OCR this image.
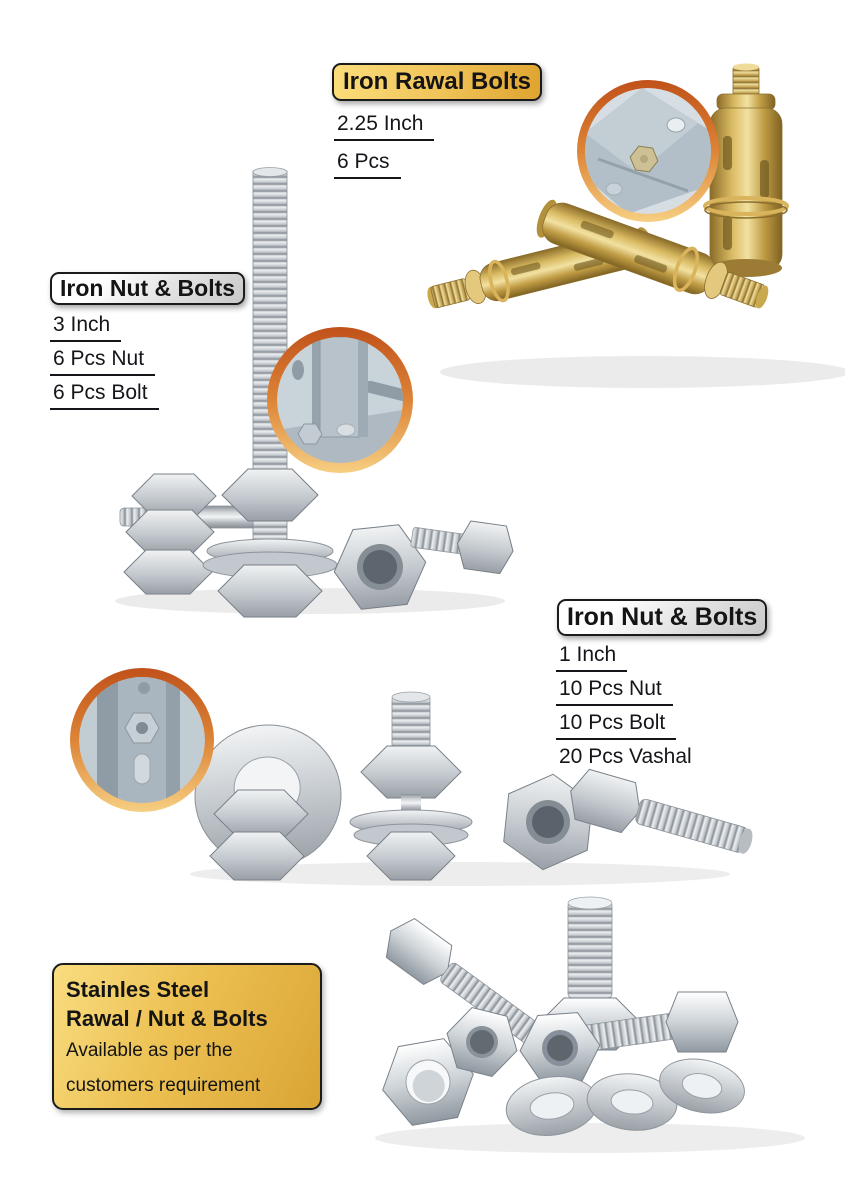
Iron Rawal Bolts
2.25 Inch
6 Pcs
Iron Nut & Bolts
3 Inch
6 Pcs Nut
6 Pcs Bolt
Iron Nut & Bolts
1 Inch
10 Pcs Nut
10 Pcs Bolt
20 Pcs Vashal
Stainles Steel
Rawal / Nut & Bolts
Available as per the
customers requirement
